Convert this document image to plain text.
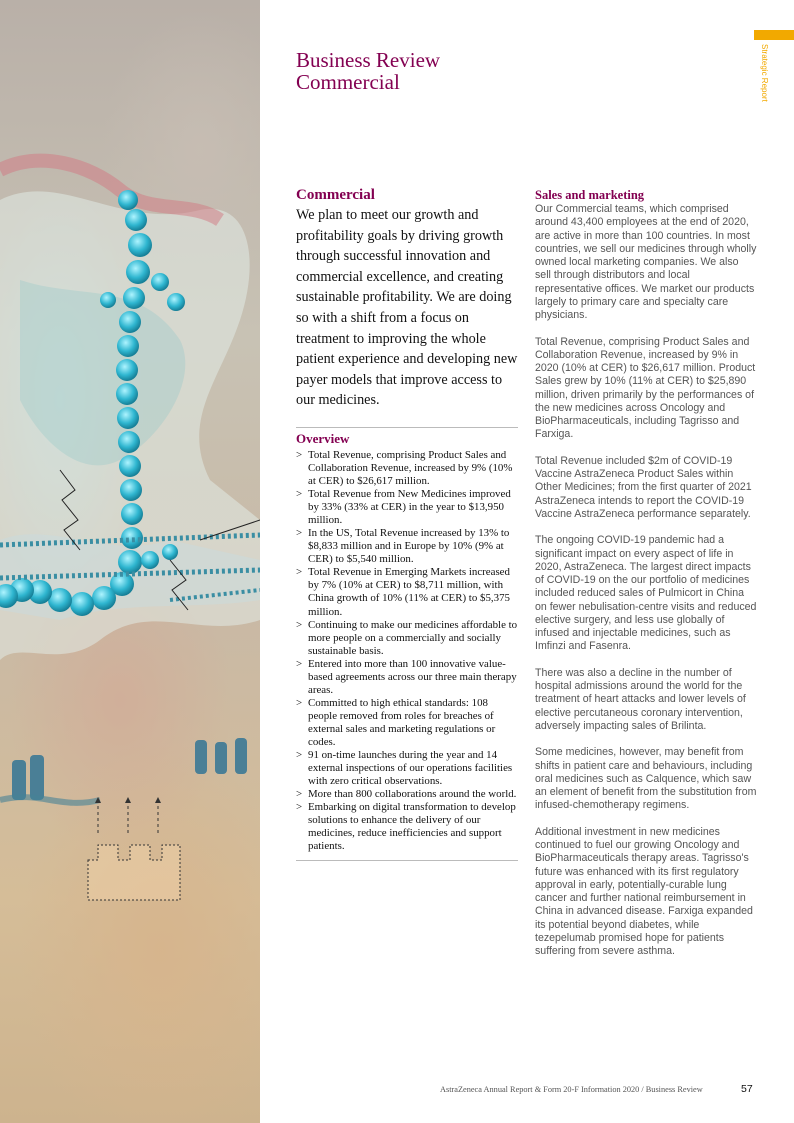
Strategic Report
Business Review
Commercial
Commercial

We plan to meet our growth and profitability goals by driving growth through successful innovation and commercial excellence, and creating sustainable profitability. We are doing so with a shift from a focus on treatment to improving the whole patient experience and developing new payer models that improve access to our medicines.

Overview
> Total Revenue, comprising Product Sales and Collaboration Revenue, increased by 9% (10% at CER) to $26,617 million.
> Total Revenue from New Medicines improved by 33% (33% at CER) in the year to $13,950 million.
> In the US, Total Revenue increased by 13% to $8,833 million and in Europe by 10% (9% at CER) to $5,540 million.
> Total Revenue in Emerging Markets increased by 7% (10% at CER) to $8,711 million, with China growth of 10% (11% at CER) to $5,375 million.
> Continuing to make our medicines affordable to more people on a commercially and socially sustainable basis.
> Entered into more than 100 innovative value-based agreements across our three main therapy areas.
> Committed to high ethical standards: 108 people removed from roles for breaches of external sales and marketing regulations or codes.
> 91 on-time launches during the year and 14 external inspections of our operations facilities with zero critical observations.
> More than 800 collaborations around the world.
> Embarking on digital transformation to develop solutions to enhance the delivery of our medicines, reduce inefficiencies and support patients.
Sales and marketing

Our Commercial teams, which comprised around 43,400 employees at the end of 2020, are active in more than 100 countries. In most countries, we sell our medicines through wholly owned local marketing companies. We also sell through distributors and local representative offices. We market our products largely to primary care and specialty care physicians.

Total Revenue, comprising Product Sales and Collaboration Revenue, increased by 9% in 2020 (10% at CER) to $26,617 million. Product Sales grew by 10% (11% at CER) to $25,890 million, driven primarily by the performances of the new medicines across Oncology and BioPharmaceuticals, including Tagrisso and Farxiga.

Total Revenue included $2m of COVID-19 Vaccine AstraZeneca Product Sales within Other Medicines; from the first quarter of 2021 AstraZeneca intends to report the COVID-19 Vaccine AstraZeneca performance separately.

The ongoing COVID-19 pandemic had a significant impact on every aspect of life in 2020, AstraZeneca. The largest direct impacts of COVID-19 on the our portfolio of medicines included reduced sales of Pulmicort in China on fewer nebulisation-centre visits and reduced elective surgery, and less use globally of infused and injectable medicines, such as Imfinzi and Fasenra.

There was also a decline in the number of hospital admissions around the world for the treatment of heart attacks and lower levels of elective percutaneous coronary intervention, adversely impacting sales of Brilinta.

Some medicines, however, may benefit from shifts in patient care and behaviours, including oral medicines such as Calquence, which saw an element of benefit from the substitution from infused-chemotherapy regimens.

Additional investment in new medicines continued to fuel our growing Oncology and BioPharmaceuticals therapy areas. Tagrisso's future was enhanced with its first regulatory approval in early, potentially-curable lung cancer and further national reimbursement in China in advanced disease. Farxiga expanded its potential beyond diabetes, while tezepelumab promised hope for patients suffering from severe asthma.

AstraZeneca Annual Report & Form 20-F Information 2020 / Business Review	57
